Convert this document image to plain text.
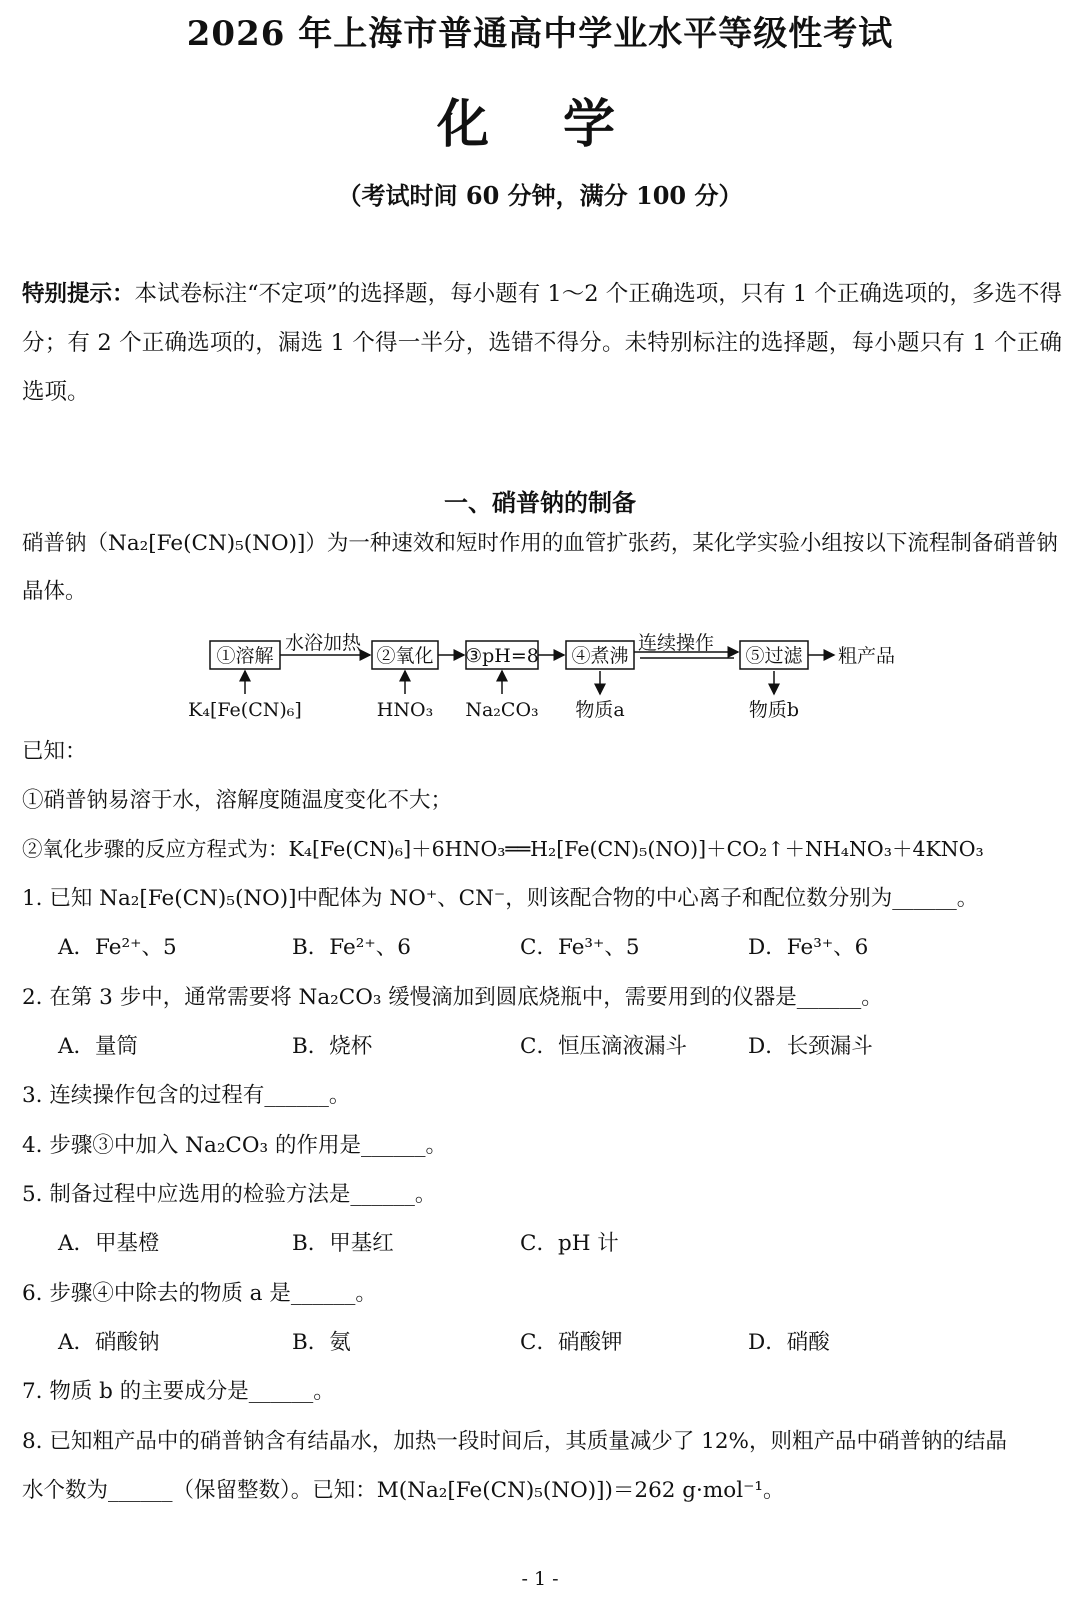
2026 年上海市普通高中学业水平等级性考试
化 学
（考试时间 60 分钟，满分 100 分）
特别提示：本试卷标注“不定项”的选择题，每小题有 1～2 个正确选项，只有 1 个正确选项的，多选不得分；有 2 个正确选项的，漏选 1 个得一半分，选错不得分。未特别标注的选择题，每小题只有 1 个正确选项。
一、硝普钠的制备
硝普钠（Na₂[Fe(CN)₅(NO)]）为一种速效和短时作用的血管扩张药，某化学实验小组按以下流程制备硝普钠晶体。
①溶解	②氧化 ③pH=8 ④煮沸	⑤过滤
水浴加热	连续操作
粗产品
K₄[Fe(CN)₆]	HNO₃ Na₂CO₃ 物质a	物质b
已知：
①硝普钠易溶于水，溶解度随温度变化不大；
②氧化步骤的反应方程式为：K₄[Fe(CN)₆]＋6HNO₃══H₂[Fe(CN)₅(NO)]＋CO₂↑＋NH₄NO₃＋4KNO₃
1. 已知 Na₂[Fe(CN)₅(NO)]中配体为 NO⁺、CN⁻，则该配合物的中心离子和配位数分别为______。
A．Fe²⁺、5	B．Fe²⁺、6	C．Fe³⁺、5	D．Fe³⁺、6
2. 在第 3 步中，通常需要将 Na₂CO₃ 缓慢滴加到圆底烧瓶中，需要用到的仪器是______。
A．量筒	B．烧杯	C．恒压滴液漏斗	D．长颈漏斗
3. 连续操作包含的过程有______。
4. 步骤③中加入 Na₂CO₃ 的作用是______。
5. 制备过程中应选用的检验方法是______。
A．甲基橙	B．甲基红	C．pH 计
6. 步骤④中除去的物质 a 是______。
A．硝酸钠	B．氨	C．硝酸钾	D．硝酸
7. 物质 b 的主要成分是______。
8. 已知粗产品中的硝普钠含有结晶水，加热一段时间后，其质量减少了 12%，则粗产品中硝普钠的结晶
水个数为______（保留整数）。已知：M(Na₂[Fe(CN)₅(NO)])＝262 g·mol⁻¹。
- 1 -
